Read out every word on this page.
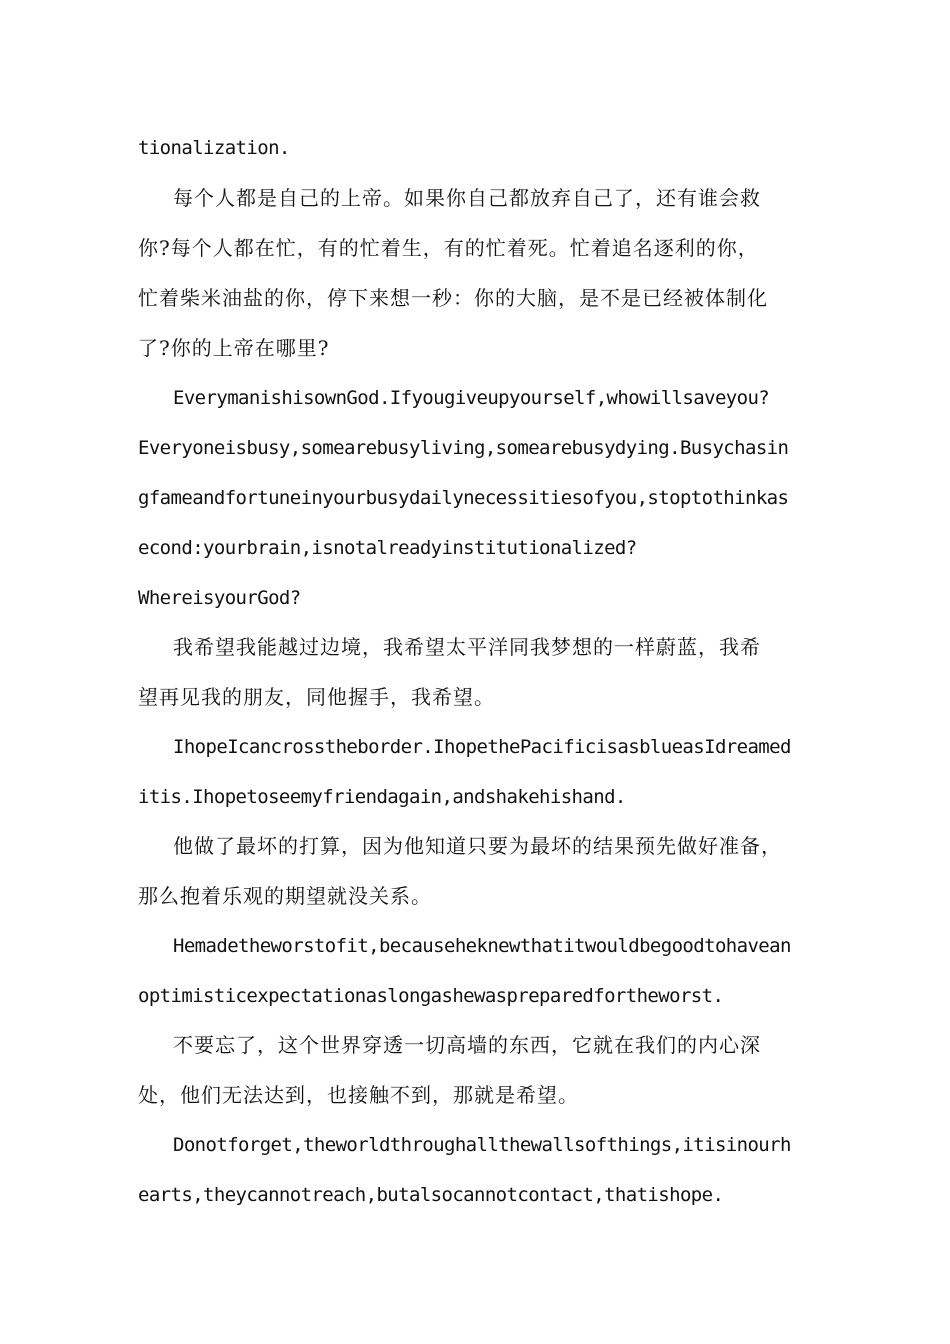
tionalization.
每个人都是自己的上帝。如果你自己都放弃自己了，还有谁会救
你?每个人都在忙，有的忙着生，有的忙着死。忙着追名逐利的你，
忙着柴米油盐的你，停下来想一秒：你的大脑，是不是已经被体制化
了?你的上帝在哪里?
EverymanishisownGod.Ifyougiveupyourself,whowillsaveyou?
Everyoneisbusy,somearebusyliving,somearebusydying.Busychasin
gfameandfortuneinyourbusydailynecessitiesofyou,stoptothinkas
econd:yourbrain,isnotalreadyinstitutionalized?
WhereisyourGod?
我希望我能越过边境，我希望太平洋同我梦想的一样蔚蓝，我希
望再见我的朋友，同他握手，我希望。
IhopeIcancrosstheborder.IhopethePacificisasblueasIdreamed
itis.Ihopetoseemyfriendagain,andshakehishand.
他做了最坏的打算，因为他知道只要为最坏的结果预先做好准备，
那么抱着乐观的期望就没关系。
Hemadetheworstofit,becauseheknewthatitwouldbegoodtohavean
optimisticexpectationaslongashewaspreparedfortheworst.
不要忘了，这个世界穿透一切高墙的东西，它就在我们的内心深
处，他们无法达到，也接触不到，那就是希望。
Donotforget,theworldthroughallthewallsofthings,itisinourh
earts,theycannotreach,butalsocannotcontact,thatishope.
